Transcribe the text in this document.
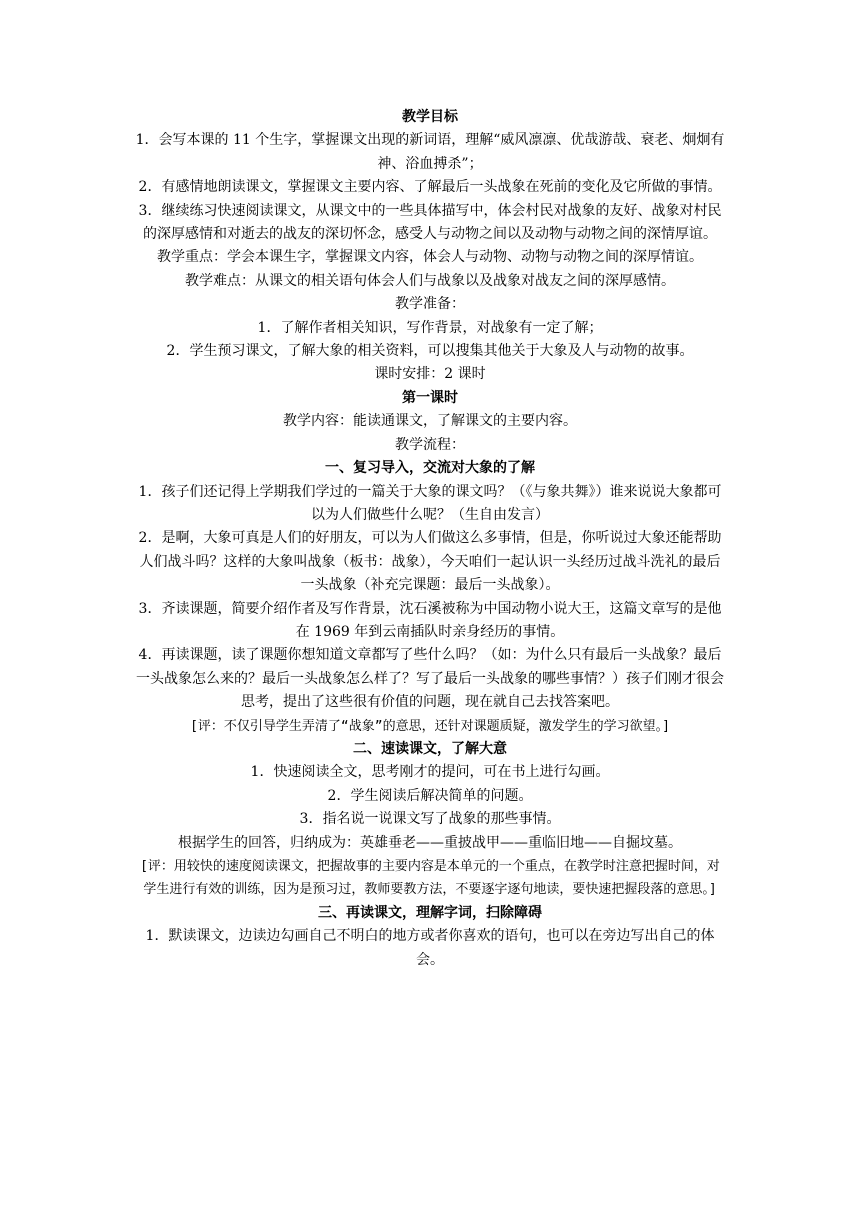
教学目标

1．会写本课的 11 个生字，掌握课文出现的新词语，理解“威风凛凛、优哉游哉、衰老、炯炯有神、浴血搏杀”；

2．有感情地朗读课文，掌握课文主要内容、了解最后一头战象在死前的变化及它所做的事情。

3．继续练习快速阅读课文，从课文中的一些具体描写中，体会村民对战象的友好、战象对村民的深厚感情和对逝去的战友的深切怀念，感受人与动物之间以及动物与动物之间的深情厚谊。

教学重点：学会本课生字，掌握课文内容，体会人与动物、动物与动物之间的深厚情谊。

教学难点：从课文的相关语句体会人们与战象以及战象对战友之间的深厚感情。

教学准备：

1．了解作者相关知识，写作背景，对战象有一定了解；

2．学生预习课文，了解大象的相关资料，可以搜集其他关于大象及人与动物的故事。

课时安排：2 课时

第一课时

教学内容：能读通课文，了解课文的主要内容。

教学流程：

一、复习导入，交流对大象的了解

1．孩子们还记得上学期我们学过的一篇关于大象的课文吗？（《与象共舞》）谁来说说大象都可以为人们做些什么呢？（生自由发言）

2．是啊，大象可真是人们的好朋友，可以为人们做这么多事情，但是，你听说过大象还能帮助人们战斗吗？这样的大象叫战象（板书：战象），今天咱们一起认识一头经历过战斗洗礼的最后一头战象（补充完课题：最后一头战象）。

3．齐读课题，简要介绍作者及写作背景，沈石溪被称为中国动物小说大王，这篇文章写的是他在 1969 年到云南插队时亲身经历的事情。

4．再读课题，读了课题你想知道文章都写了些什么吗？（如：为什么只有最后一头战象？最后一头战象怎么来的？最后一头战象怎么样了？写了最后一头战象的哪些事情？）孩子们刚才很会思考，提出了这些很有价值的问题，现在就自己去找答案吧。

[评：不仅引导学生弄清了“战象”的意思，还针对课题质疑，激发学生的学习欲望。]

二、速读课文，了解大意

1．快速阅读全文，思考刚才的提问，可在书上进行勾画。

2．学生阅读后解决简单的问题。

3．指名说一说课文写了战象的那些事情。

根据学生的回答，归纳成为：英雄垂老——重披战甲——重临旧地——自掘坟墓。

[评：用较快的速度阅读课文，把握故事的主要内容是本单元的一个重点，在教学时注意把握时间，对学生进行有效的训练，因为是预习过，教师要教方法，不要逐字逐句地读，要快速把握段落的意思。]

三、再读课文，理解字词，扫除障碍

1．默读课文，边读边勾画自己不明白的地方或者你喜欢的语句，也可以在旁边写出自己的体会。
